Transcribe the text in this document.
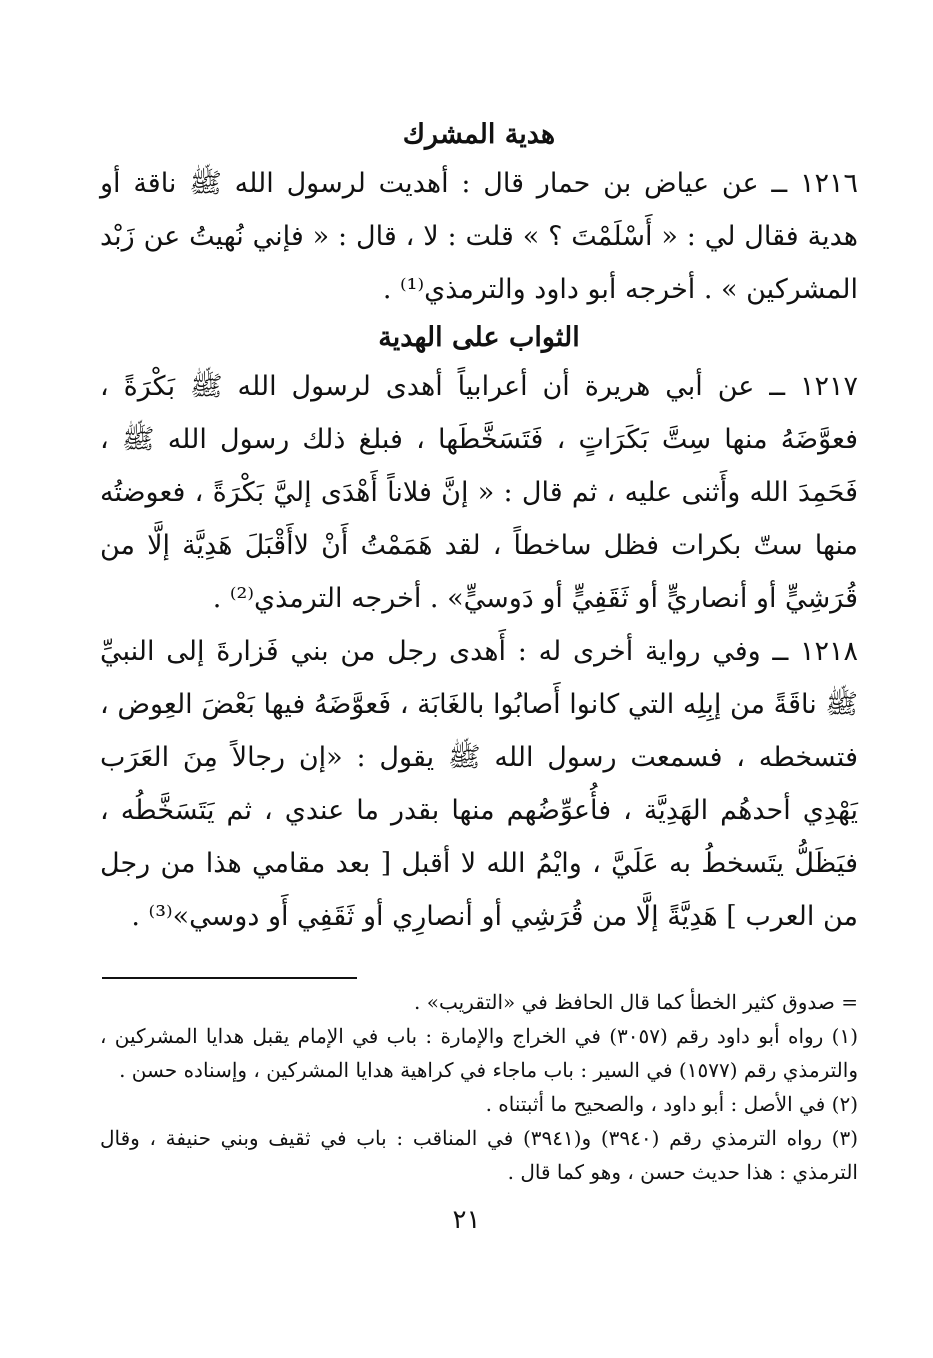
هدية المشرك

١٢١٦ ــ عن عياض بن حمار قال : أهديت لرسول الله ﷺ ناقة أو هدية فقال لي : « أَسْلَمْتَ ؟ » قلت : لا ، قال : « فإني نُهيتُ عن زَبْد المشركين » . أخرجه أبو داود والترمذي⁽¹⁾ .

الثواب على الهدية

١٢١٧ ــ عن أبي هريرة أن أعرابياً أهدى لرسول الله ﷺ بَكْرَةً ، فعوَّضَهُ منها سِتَّ بَكَرَاتٍ ، فَتَسَخَّطَها ، فبلغ ذلك رسول الله ﷺ ، فَحَمِدَ الله وأَثنى عليه ، ثم قال : « إنَّ فلاناً أَهْدَى إليَّ بَكْرَةً ، فعوضتُه منها ستّ بكرات فظل ساخطاً ، لقد هَمَمْتُ أَنْ لاأَقْبَلَ هَدِيَّة إلَّا من قُرَشِيٍّ أو أنصاريٍّ أو ثَقَفِيٍّ أو دَوسيٍّ» . أخرجه الترمذي⁽²⁾ .

١٢١٨ ــ وفي رواية أخرى له : أَهدى رجل من بني فَزارةَ إلى النبيِّ ﷺ ناقَةً من إبِلِه التي كانوا أَصابُوا بالغَابَة ، فَعوَّضَهُ فيها بَعْضَ العِوض ، فتسخطه ، فسمعت رسول الله ﷺ يقول : «إن رجالاً مِنَ العَرَب يَهْدِي أحدهُم الهَدِيَّة ، فأُعوِّضُهم منها بقدر ما عندي ، ثم يَتَسَخَّطُه ، فيَظَلُّ يتَسخطُ به عَلَيَّ ، وايْمُ الله لا أقبل [ بعد مقامي هذا من رجل من العرب ] هَدِيَّةً إلَّا من قُرَشِي أو أنصارِي أو ثَقَفِي أَو دوسي»⁽³⁾ .

= صدوق كثير الخطأ كما قال الحافظ في «التقريب» .

(١) رواه أبو داود رقم (٣٠٥٧) في الخراج والإمارة : باب في الإمام يقبل هدايا المشركين ، والترمذي رقم (١٥٧٧) في السير : باب ماجاء في كراهية هدايا المشركين ، وإسناده حسن .

(٢) في الأصل : أبو داود ، والصحيح ما أثبتناه .

(٣) رواه الترمذي رقم (٣٩٤٠) و(٣٩٤١) في المناقب : باب في ثقيف وبني حنيفة ، وقال الترمذي : هذا حديث حسن ، وهو كما قال .

٢١
